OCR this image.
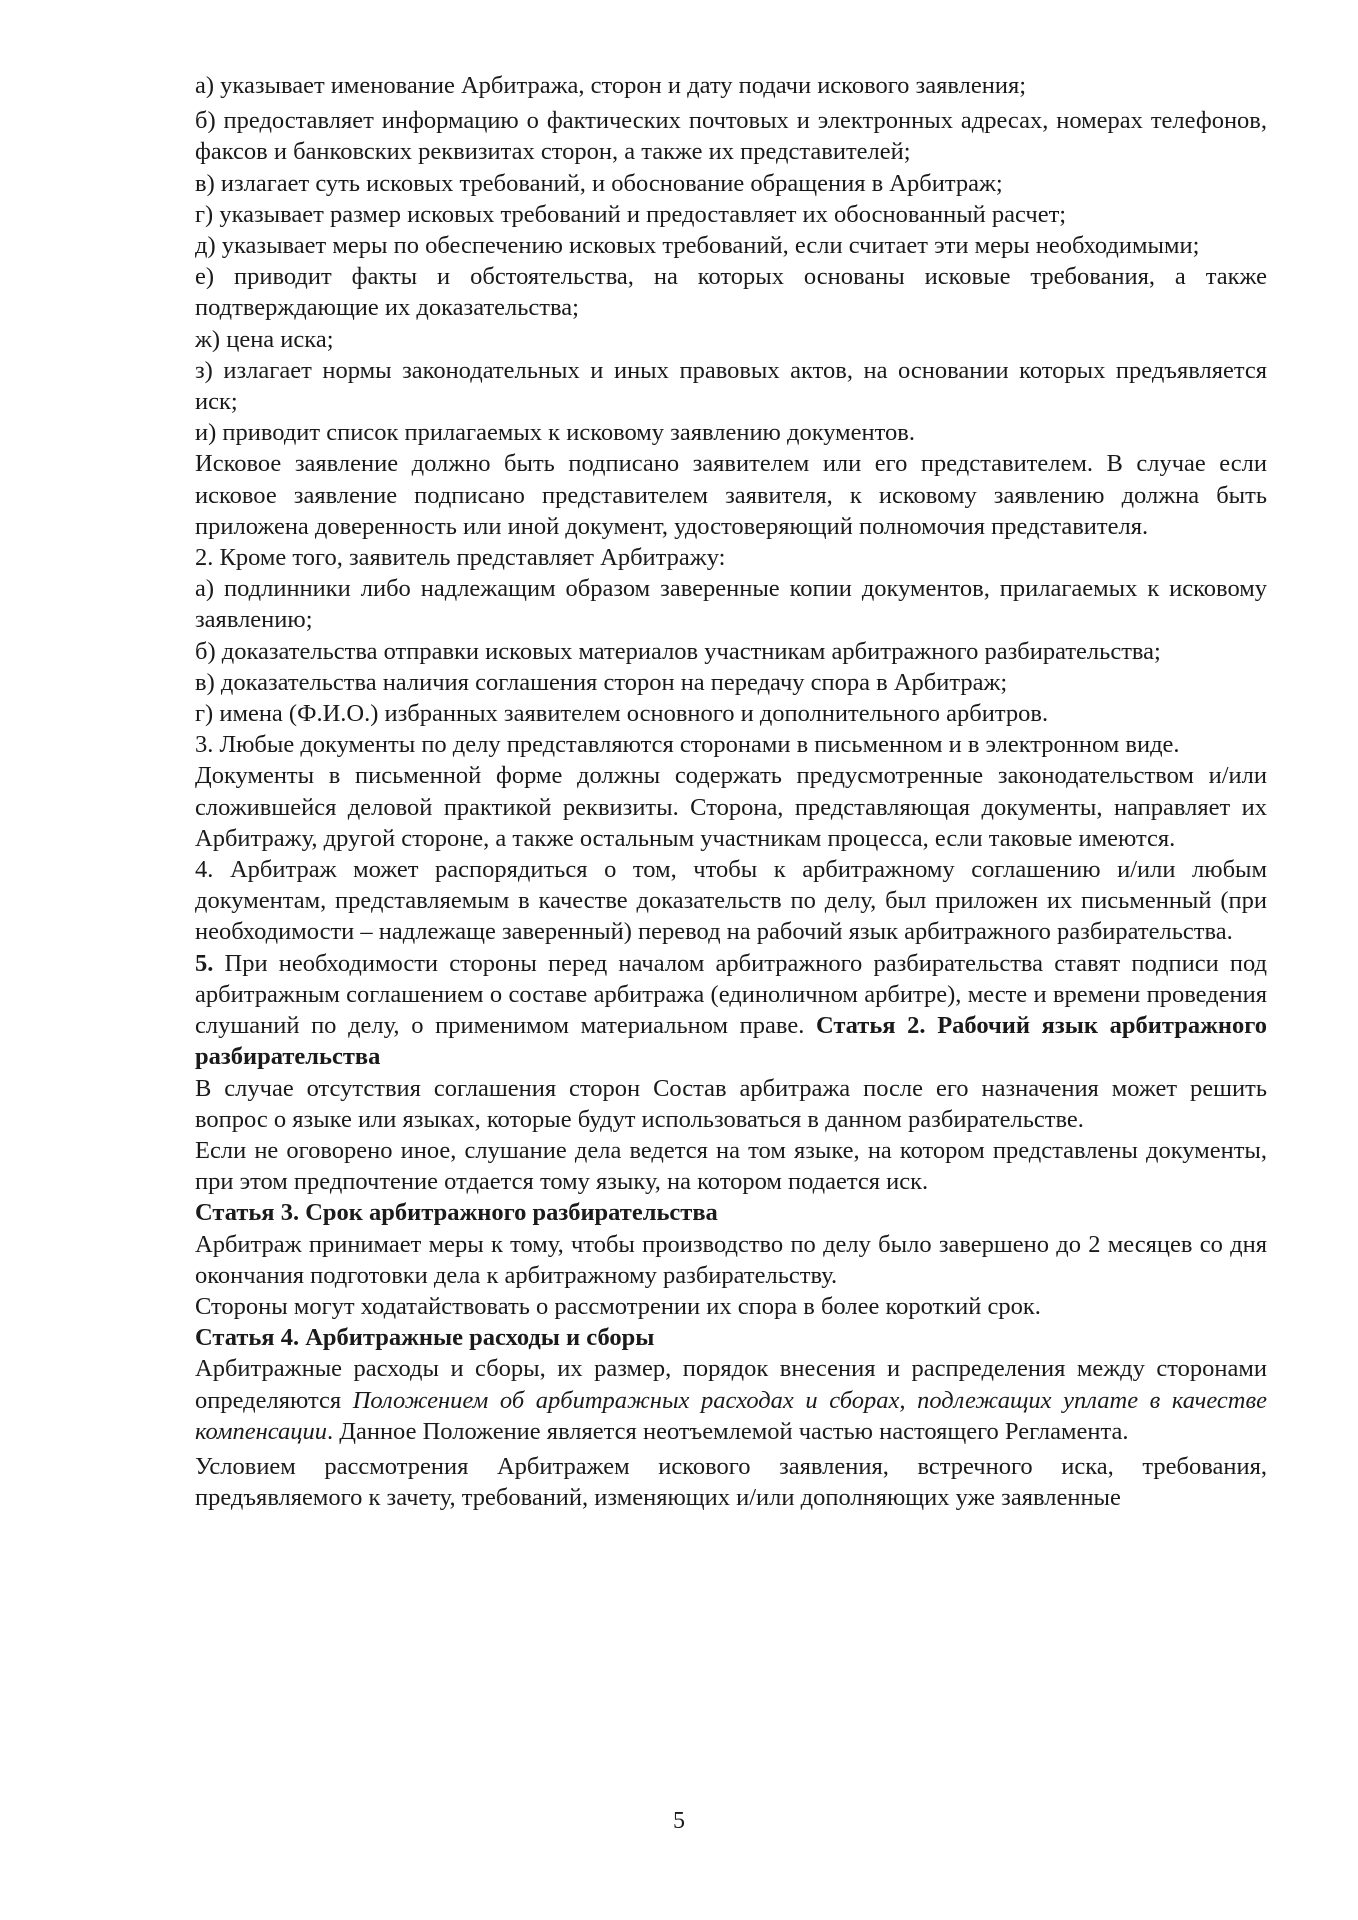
а) указывает именование Арбитража, сторон и дату подачи искового заявления;

б) предоставляет информацию о фактических почтовых и электронных адресах, номерах телефонов, факсов и банковских реквизитах сторон, а также их представителей;

в) излагает суть исковых требований, и обоснование обращения в Арбитраж;

г) указывает размер исковых требований и предоставляет их обоснованный расчет;

д) указывает меры по обеспечению исковых требований, если считает эти меры необходимыми;

е) приводит факты и обстоятельства, на которых основаны исковые требования, а также подтверждающие их доказательства;

ж) цена иска;

з) излагает нормы законодательных и иных правовых актов, на основании которых предъявляется иск;

и) приводит список прилагаемых к исковому заявлению документов.

Исковое заявление должно быть подписано заявителем или его представителем. В случае если исковое заявление подписано представителем заявителя, к исковому заявлению должна быть приложена доверенность или иной документ, удостоверяющий полномочия представителя.

2. Кроме того, заявитель представляет Арбитражу:

а) подлинники либо надлежащим образом заверенные копии документов, прилагаемых к исковому заявлению;

б) доказательства отправки исковых материалов участникам арбитражного разбирательства;

в) доказательства наличия соглашения сторон на передачу спора в Арбитраж;

г) имена (Ф.И.О.) избранных заявителем основного и дополнительного арбитров.

3. Любые документы по делу представляются сторонами в письменном и в электронном виде.

Документы в письменной форме должны содержать предусмотренные законодательством и/или сложившейся деловой практикой реквизиты. Сторона, представляющая документы, направляет их Арбитражу, другой стороне, а также остальным участникам процесса, если таковые имеются.

4. Арбитраж может распорядиться о том, чтобы к арбитражному соглашению и/или любым документам, представляемым в качестве доказательств по делу, был приложен их письменный (при необходимости – надлежаще заверенный) перевод на рабочий язык арбитражного разбирательства.

5. При необходимости стороны перед началом арбитражного разбирательства ставят подписи под арбитражным соглашением о составе арбитража (единоличном арбитре), месте и времени проведения слушаний по делу, о применимом материальном праве. Статья 2. Рабочий язык арбитражного разбирательства

В случае отсутствия соглашения сторон Состав арбитража после его назначения может решить вопрос о языке или языках, которые будут использоваться в данном разбирательстве.

Если не оговорено иное, слушание дела ведется на том языке, на котором представлены документы, при этом предпочтение отдается тому языку, на котором подается иск.

Статья 3. Срок арбитражного разбирательства

Арбитраж принимает меры к тому, чтобы производство по делу было завершено до 2 месяцев со дня окончания подготовки дела к арбитражному разбирательству.

Стороны могут ходатайствовать о рассмотрении их спора в более короткий срок.

Статья 4. Арбитражные расходы и сборы

Арбитражные расходы и сборы, их размер, порядок внесения и распределения между сторонами определяются Положением об арбитражных расходах и сборах, подлежащих уплате в качестве компенсации. Данное Положение является неотъемлемой частью настоящего Регламента.

Условием рассмотрения Арбитражем искового заявления, встречного иска, требования, предъявляемого к зачету, требований, изменяющих и/или дополняющих уже заявленные

5
